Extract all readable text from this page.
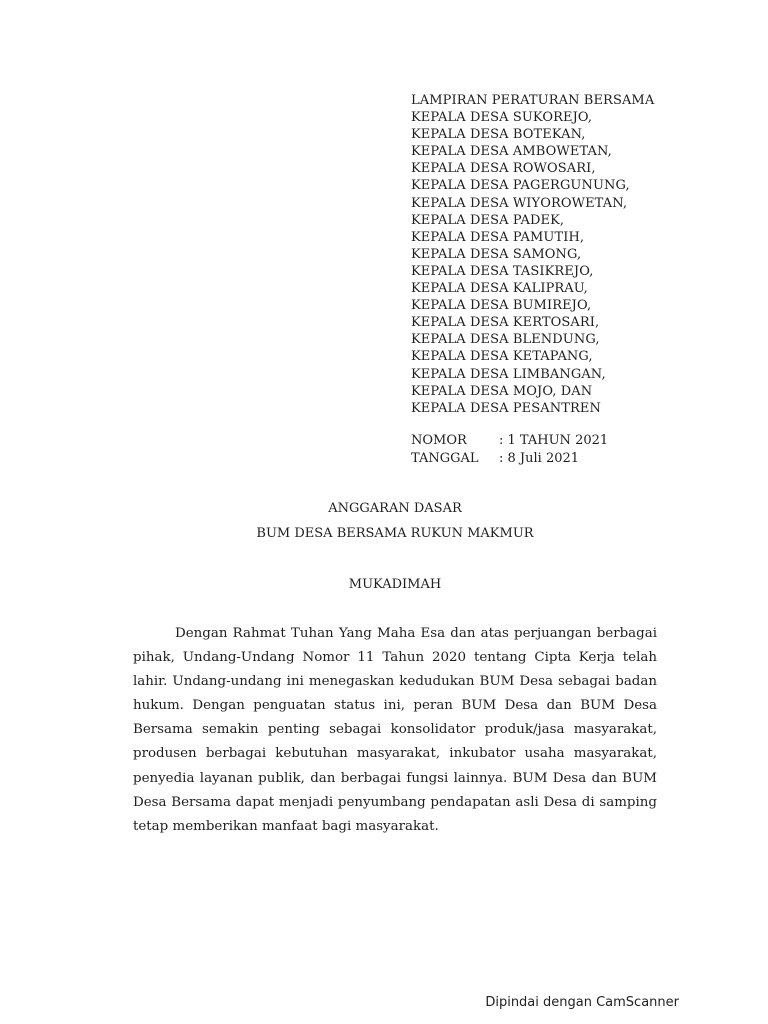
LAMPIRAN PERATURAN BERSAMA
KEPALA DESA SUKOREJO,
KEPALA DESA BOTEKAN,
KEPALA DESA AMBOWETAN,
KEPALA DESA ROWOSARI,
KEPALA DESA PAGERGUNUNG,
KEPALA DESA WIYOROWETAN,
KEPALA DESA PADEK,
KEPALA DESA PAMUTIH,
KEPALA DESA SAMONG,
KEPALA DESA TASIKREJO,
KEPALA DESA KALIPRAU,
KEPALA DESA BUMIREJO,
KEPALA DESA KERTOSARI,
KEPALA DESA BLENDUNG,
KEPALA DESA KETAPANG,
KEPALA DESA LIMBANGAN,
KEPALA DESA MOJO, DAN
KEPALA DESA PESANTREN
NOMOR	: 1 TAHUN 2021
TANGGAL	: 8 Juli 2021
ANGGARAN DASAR
BUM DESA BERSAMA RUKUN MAKMUR
MUKADIMAH

Dengan Rahmat Tuhan Yang Maha Esa dan atas perjuangan berbagai pihak, Undang-Undang Nomor 11 Tahun 2020 tentang Cipta Kerja telah lahir. Undang-undang ini menegaskan kedudukan BUM Desa sebagai badan hukum. Dengan penguatan status ini, peran BUM Desa dan BUM Desa Bersama semakin penting sebagai konsolidator produk/jasa masyarakat, produsen berbagai kebutuhan masyarakat, inkubator usaha masyarakat, penyedia layanan publik, dan berbagai fungsi lainnya. BUM Desa dan BUM Desa Bersama dapat menjadi penyumbang pendapatan asli Desa di samping tetap memberikan manfaat bagi masyarakat.

Dipindai dengan CamScanner
